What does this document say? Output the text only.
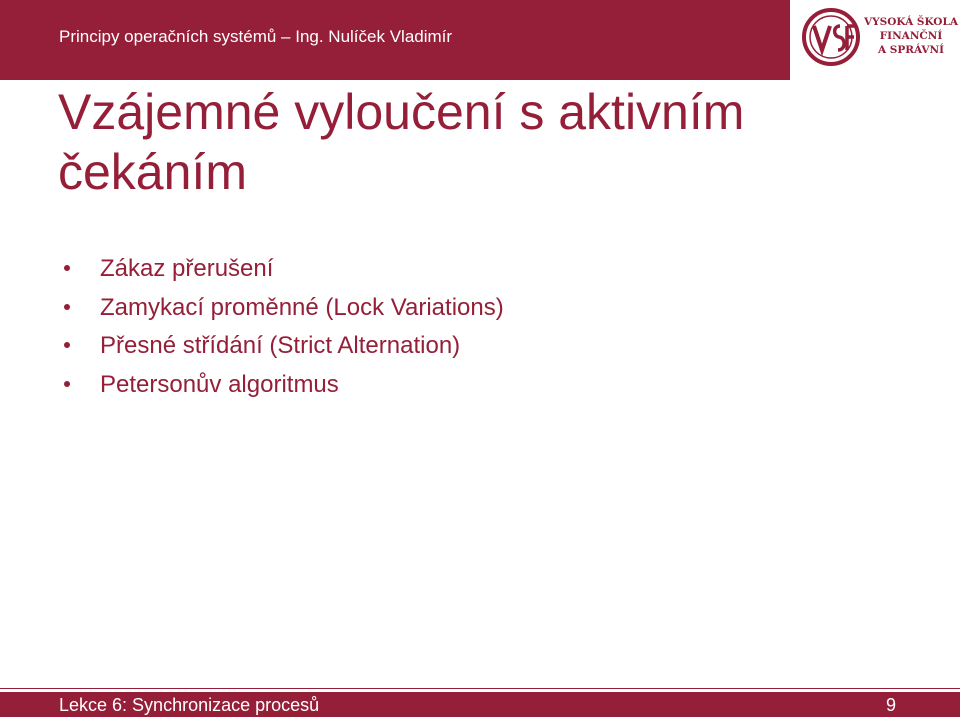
Principy operačních systémů – Ing. Nulíček Vladimír
VYSOKÁ ŠKOLA
FINANČNÍ
A SPRÁVNÍ
Vzájemné vyloučení s aktivním čekáním
Zákaz přerušení
Zamykací proměnné (Lock Variations)
Přesné střídání (Strict Alternation)
Petersonův algoritmus
Lekce 6: Synchronizace procesů	9
